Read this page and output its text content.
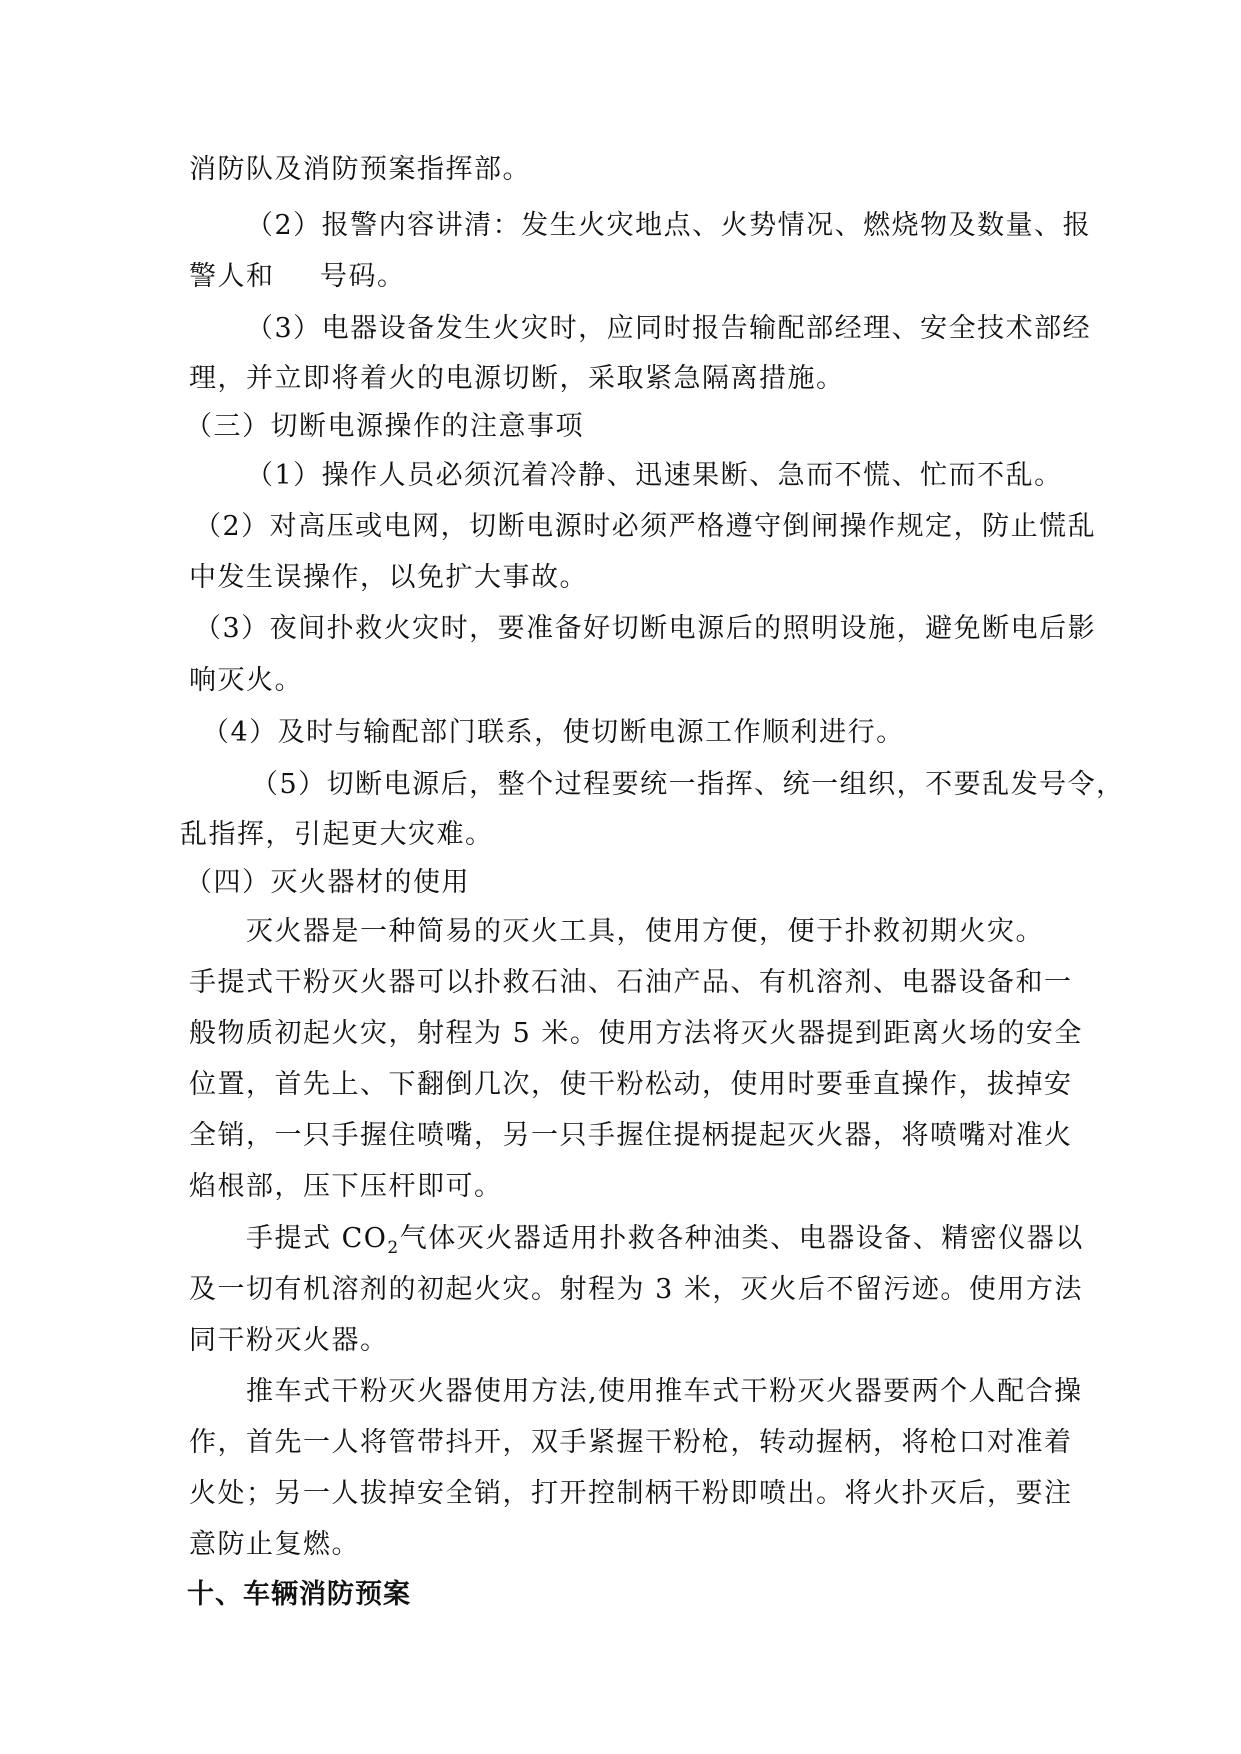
消防队及消防预案指挥部。
（2）报警内容讲清：发生火灾地点、火势情况、燃烧物及数量、报
警人和 号码。
（3）电器设备发生火灾时，应同时报告输配部经理、安全技术部经
理，并立即将着火的电源切断，采取紧急隔离措施。
（三）切断电源操作的注意事项
（1）操作人员必须沉着冷静、迅速果断、急而不慌、忙而不乱。
（2）对高压或电网，切断电源时必须严格遵守倒闸操作规定，防止慌乱
中发生误操作，以免扩大事故。
（3）夜间扑救火灾时，要准备好切断电源后的照明设施，避免断电后影
响灭火。
（4）及时与输配部门联系，使切断电源工作顺利进行。
（5）切断电源后，整个过程要统一指挥、统一组织，不要乱发号令，
乱指挥，引起更大灾难。
（四）灭火器材的使用
灭火器是一种简易的灭火工具，使用方便，便于扑救初期火灾。
手提式干粉灭火器可以扑救石油、石油产品、有机溶剂、电器设备和一
般物质初起火灾，射程为 5 米。使用方法将灭火器提到距离火场的安全
位置，首先上、下翻倒几次，使干粉松动，使用时要垂直操作，拔掉安
全销，一只手握住喷嘴，另一只手握住提柄提起灭火器，将喷嘴对准火
焰根部，压下压杆即可。
手提式 $CO_2$气体灭火器适用扑救各种油类、电器设备、精密仪器以
及一切有机溶剂的初起火灾。射程为 3 米，灭火后不留污迹。使用方法
同干粉灭火器。
推车式干粉灭火器使用方法,使用推车式干粉灭火器要两个人配合操
作，首先一人将管带抖开，双手紧握干粉枪，转动握柄，将枪口对准着
火处；另一人拔掉安全销，打开控制柄干粉即喷出。将火扑灭后，要注
意防止复燃。
十、车辆消防预案
